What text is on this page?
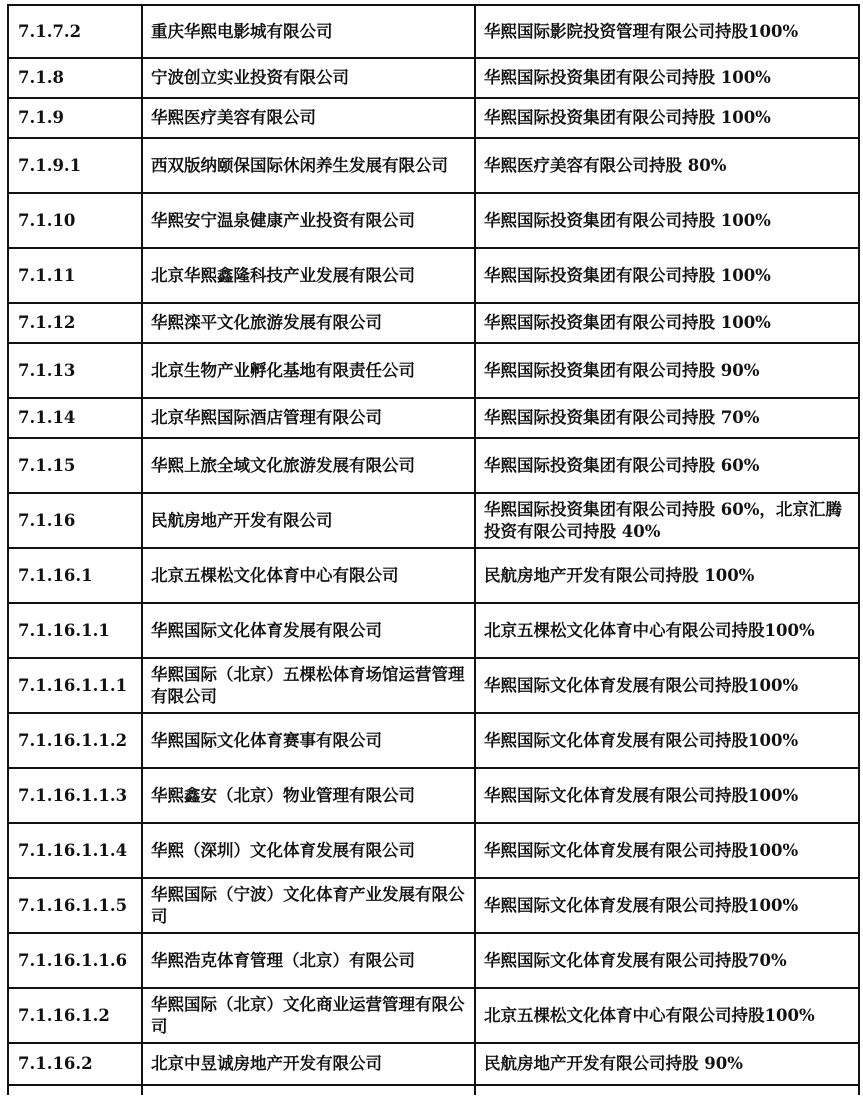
7.1.7.2	重庆华熙电影城有限公司	华熙国际影院投资管理有限公司持股100%
7.1.8	宁波创立实业投资有限公司	华熙国际投资集团有限公司持股 100%
7.1.9	华熙医疗美容有限公司	华熙国际投资集团有限公司持股 100%
7.1.9.1	西双版纳颐保国际休闲养生发展有限公司	华熙医疗美容有限公司持股 80%
7.1.10	华熙安宁温泉健康产业投资有限公司	华熙国际投资集团有限公司持股 100%
7.1.11	北京华熙鑫隆科技产业发展有限公司	华熙国际投资集团有限公司持股 100%
7.1.12	华熙滦平文化旅游发展有限公司	华熙国际投资集团有限公司持股 100%
7.1.13	北京生物产业孵化基地有限责任公司	华熙国际投资集团有限公司持股 90%
7.1.14	北京华熙国际酒店管理有限公司	华熙国际投资集团有限公司持股 70%
7.1.15	华熙上旅全域文化旅游发展有限公司	华熙国际投资集团有限公司持股 60%
7.1.16	民航房地产开发有限公司	华熙国际投资集团有限公司持股 60%，北京汇腾投资有限公司持股 40%
7.1.16.1	北京五棵松文化体育中心有限公司	民航房地产开发有限公司持股 100%
7.1.16.1.1	华熙国际文化体育发展有限公司	北京五棵松文化体育中心有限公司持股100%
7.1.16.1.1.1	华熙国际（北京）五棵松体育场馆运营管理有限公司	华熙国际文化体育发展有限公司持股100%
7.1.16.1.1.2	华熙国际文化体育赛事有限公司	华熙国际文化体育发展有限公司持股100%
7.1.16.1.1.3	华熙鑫安（北京）物业管理有限公司	华熙国际文化体育发展有限公司持股100%
7.1.16.1.1.4	华熙（深圳）文化体育发展有限公司	华熙国际文化体育发展有限公司持股100%
7.1.16.1.1.5	华熙国际（宁波）文化体育产业发展有限公司	华熙国际文化体育发展有限公司持股100%
7.1.16.1.1.6	华熙浩克体育管理（北京）有限公司	华熙国际文化体育发展有限公司持股70%
7.1.16.1.2	华熙国际（北京）文化商业运营管理有限公司	北京五棵松文化体育中心有限公司持股100%
7.1.16.2	北京中昱诚房地产开发有限公司	民航房地产开发有限公司持股 90%
